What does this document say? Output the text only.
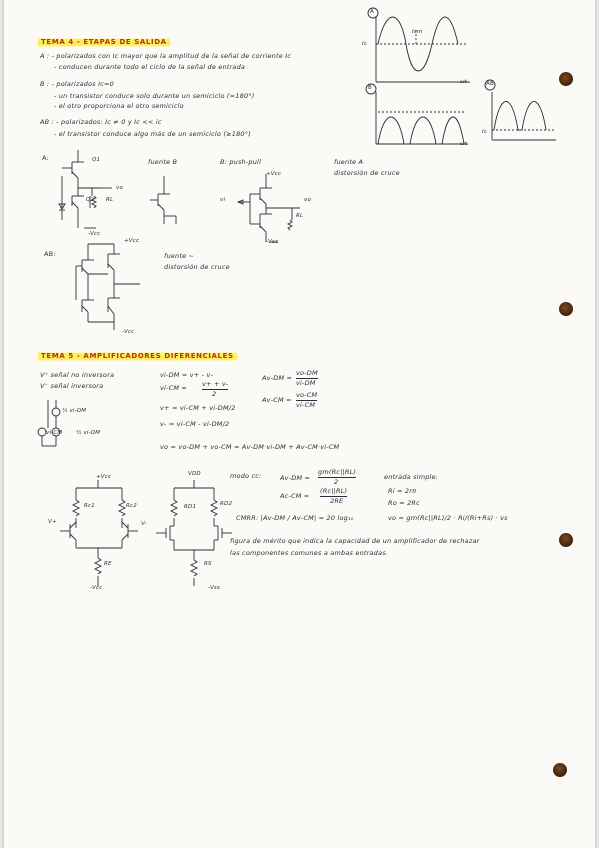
TEMA 4 - ETAPAS DE SALIDA
A : - polarizados con Ic mayor que la amplitud de la señal de corriente Ic
- conducen durante todo el ciclo de la señal de entrada
B : - polarizados Ic=0
- un transistor conduce solo durante un semiciclo (=180°)
- el otro proporciona el otro semiciclo
AB : - polarizados: Ic ≠ 0 y Ic << ic
- el transistor conduce algo más de un semiciclo (≥180°)
A
Ic
Icm
ωt
B
ωt
AB
Ic
A:	Q1
vo
Q2 RL
-Vcc
fuente B	B: push-pull
+Vcc
vi	vo
RL
-Vcc
fuente A
distorsión de cruce
AB:
+Vcc
-Vcc
fuente ~
distorsión de cruce
TEMA 5 - AMPLIFICADORES DIFERENCIALES
V⁺ señal no inversora
V⁻ señal inversora
½ vi-DM
vi-CM ½ vi-DM
vi-DM = v+ - v-
vi-CM = v+ + v-
2
v+ = vi-CM + vi-DM/2
v- = vi-CM - vi-DM/2
vo = vo-DM + vo-CM = Av-DM·vi-DM + Av-CM·vi-CM
Av-DM =
vo-DM
vi-DM
Av-CM =
vo-CM
vi-CM
+Vcc
Rc1	Rc2
V+
RE
-Vcc
VDD
RD1	RD2
V-
RS
-Vss
modo cc:	Av-DM =
gm(Rc||RL)
2
Ac-CM =
(Rc||RL)
2RE
CMRR: |Av-DM / Av-CM| = 20 log₁₀
entrada simple:
Ri = 2rπ
Ro = 2Rc
vo = gm(Rc||RL)/2 · Ri/(Ri+Rs) · vs
figura de mérito que indica la capacidad de un amplificador de rechazar
las componentes comunes a ambas entradas.
